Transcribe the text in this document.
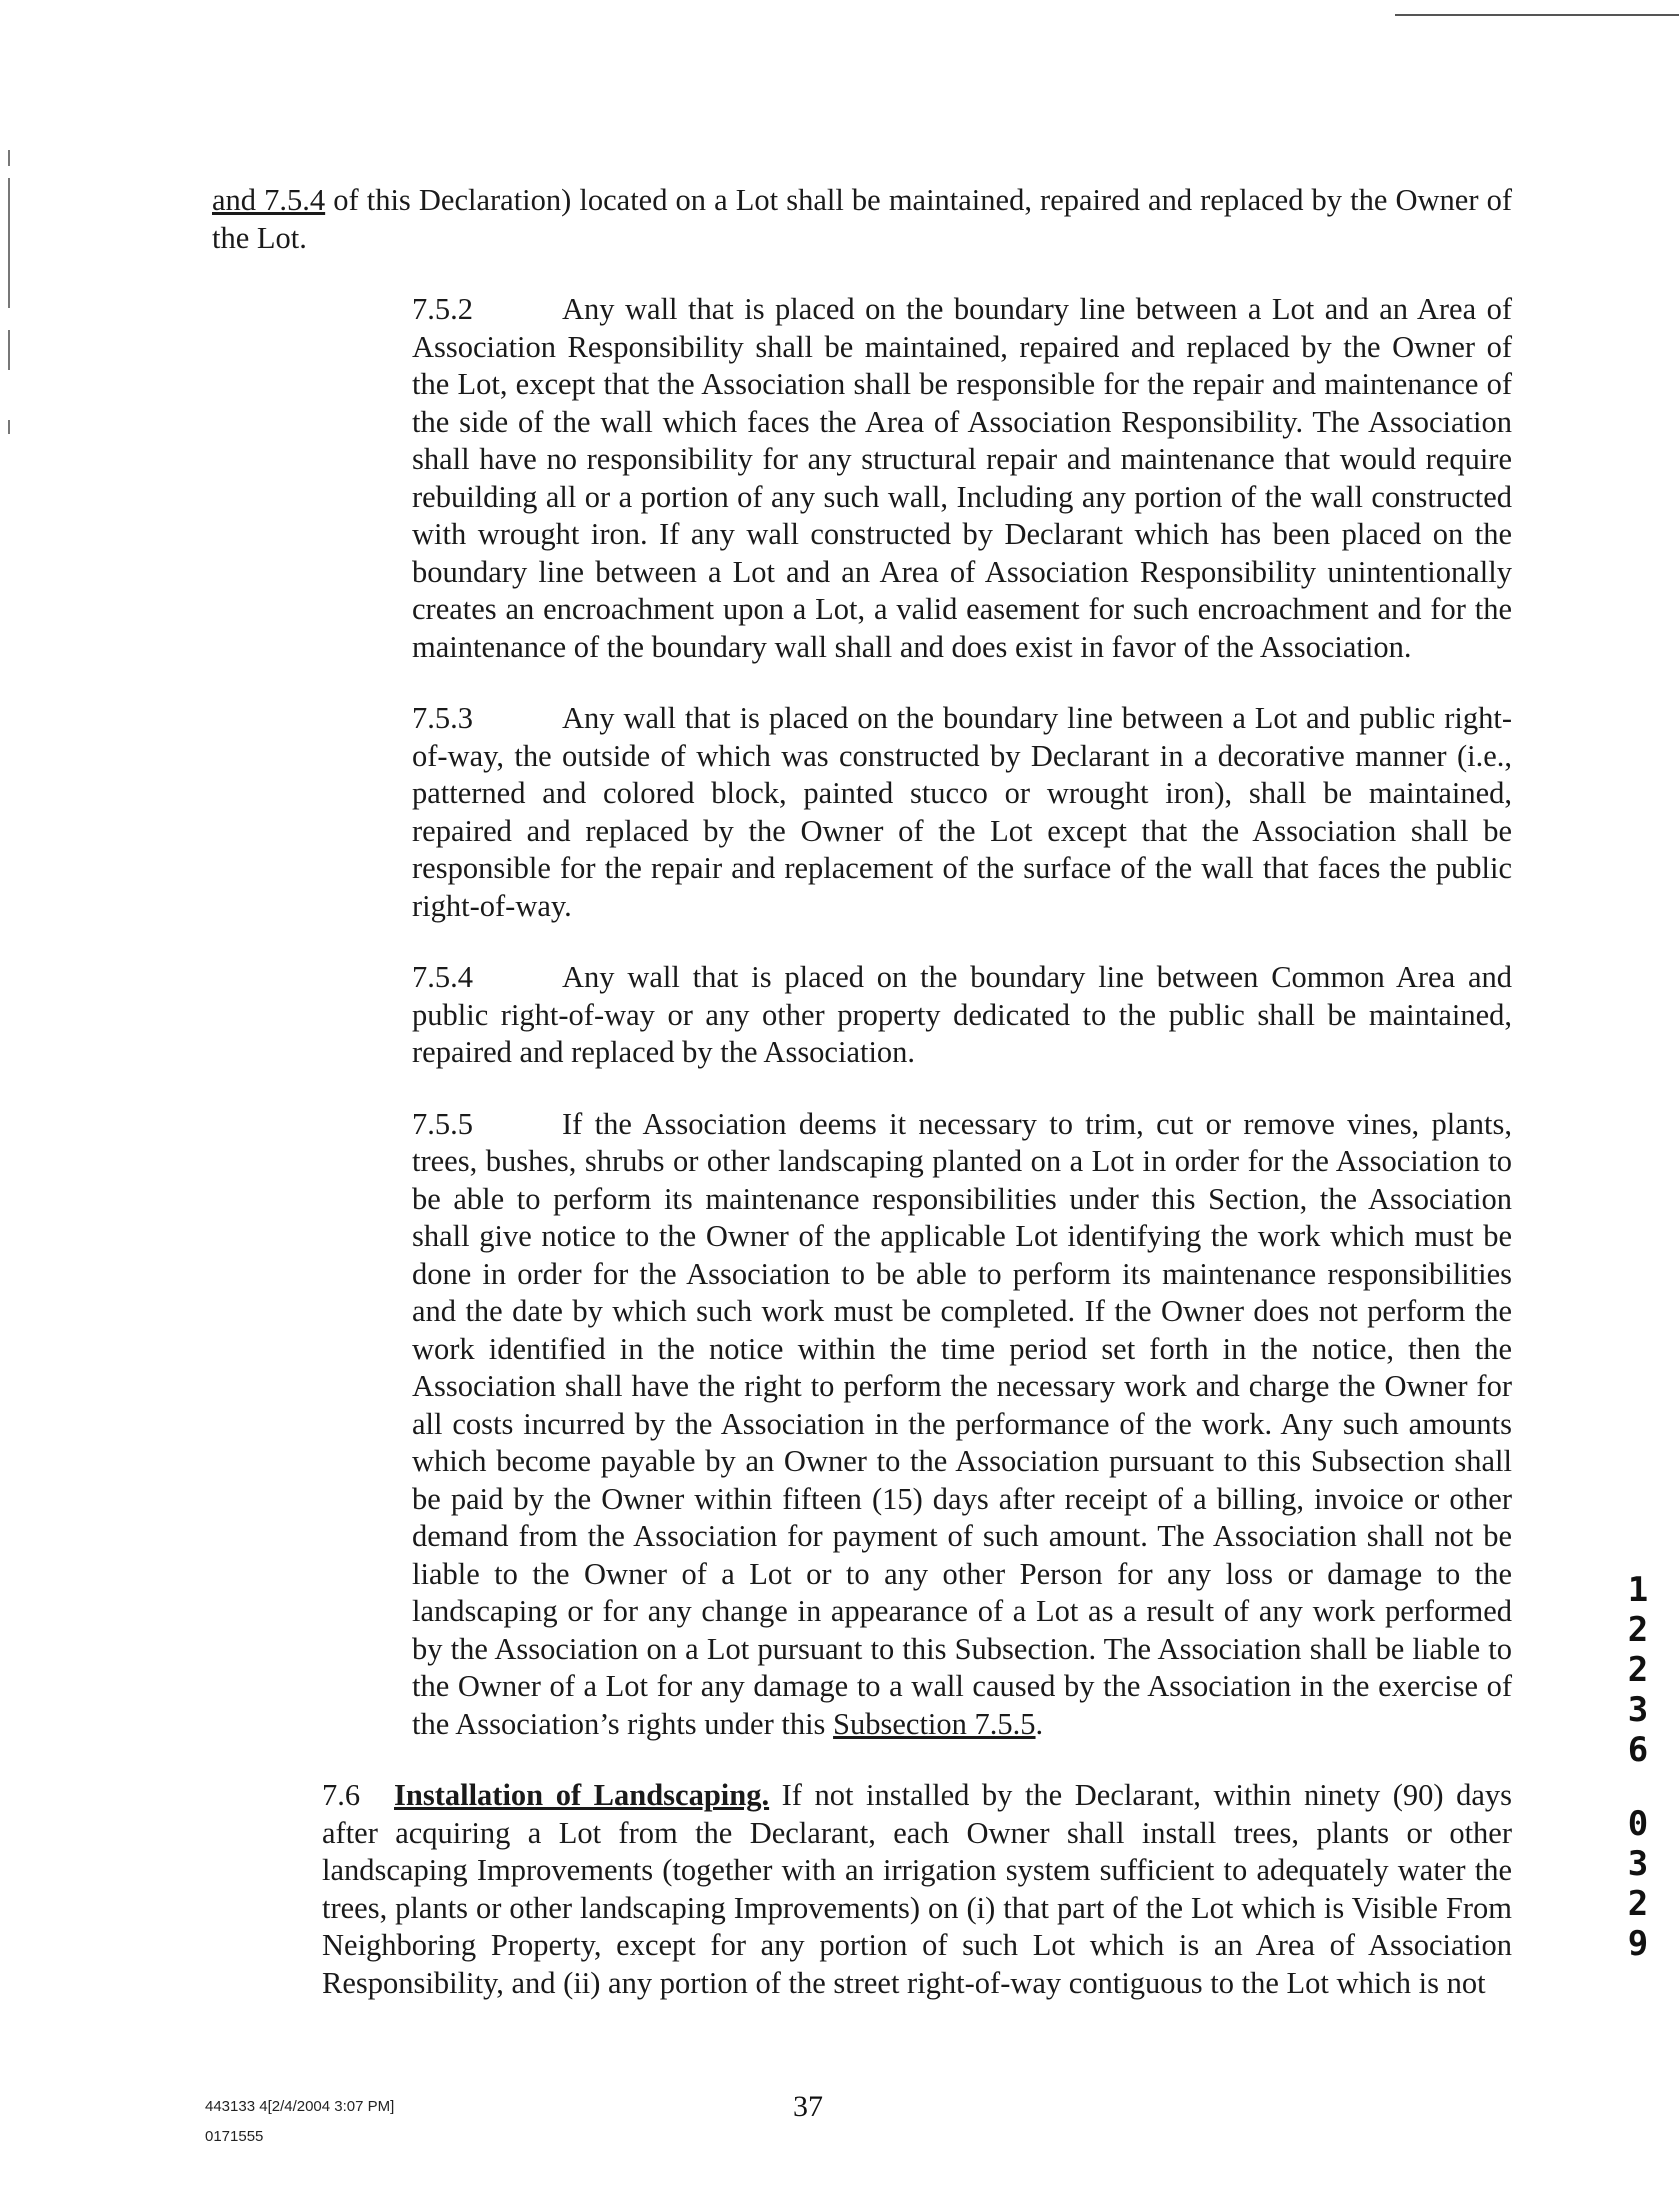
and 7.5.4 of this Declaration) located on a Lot shall be maintained, repaired and replaced by the Owner of the Lot.

7.5.2	Any wall that is placed on the boundary line between a Lot and an Area of Association Responsibility shall be maintained, repaired and replaced by the Owner of the Lot, except that the Association shall be responsible for the repair and maintenance of the side of the wall which faces the Area of Association Responsibility. The Association shall have no responsibility for any structural repair and maintenance that would require rebuilding all or a portion of any such wall, Including any portion of the wall constructed with wrought iron. If any wall constructed by Declarant which has been placed on the boundary line between a Lot and an Area of Association Responsibility unintentionally creates an encroachment upon a Lot, a valid easement for such encroachment and for the maintenance of the boundary wall shall and does exist in favor of the Association.

7.5.3	Any wall that is placed on the boundary line between a Lot and public right-of-way, the outside of which was constructed by Declarant in a decorative manner (i.e., patterned and colored block, painted stucco or wrought iron), shall be maintained, repaired and replaced by the Owner of the Lot except that the Association shall be responsible for the repair and replacement of the surface of the wall that faces the public right-of-way.

7.5.4	Any wall that is placed on the boundary line between Common Area and public right-of-way or any other property dedicated to the public shall be maintained, repaired and replaced by the Association.

7.5.5	If the Association deems it necessary to trim, cut or remove vines, plants, trees, bushes, shrubs or other landscaping planted on a Lot in order for the Association to be able to perform its maintenance responsibilities under this Section, the Association shall give notice to the Owner of the applicable Lot identifying the work which must be done in order for the Association to be able to perform its maintenance responsibilities and the date by which such work must be completed. If the Owner does not perform the work identified in the notice within the time period set forth in the notice, then the Association shall have the right to perform the necessary work and charge the Owner for all costs incurred by the Association in the performance of the work. Any such amounts which become payable by an Owner to the Association pursuant to this Subsection shall be paid by the Owner within fifteen (15) days after receipt of a billing, invoice or other demand from the Association for payment of such amount. The Association shall not be liable to the Owner of a Lot or to any other Person for any loss or damage to the landscaping or for any change in appearance of a Lot as a result of any work performed by the Association on a Lot pursuant to this Subsection. The Association shall be liable to the Owner of a Lot for any damage to a wall caused by the Association in the exercise of the Association’s rights under this Subsection 7.5.5.

7.6 Installation of Landscaping. If not installed by the Declarant, within ninety (90) days after acquiring a Lot from the Declarant, each Owner shall install trees, plants or other landscaping Improvements (together with an irrigation system sufficient to adequately water the trees, plants or other landscaping Improvements) on (i) that part of the Lot which is Visible From Neighboring Property, except for any portion of such Lot which is an Area of Association Responsibility, and (ii) any portion of the street right-of-way contiguous to the Lot which is not

1
2
2
3
6
0
3
2
9
443133 4[2/4/2004 3:07 PM]
0171555
37
